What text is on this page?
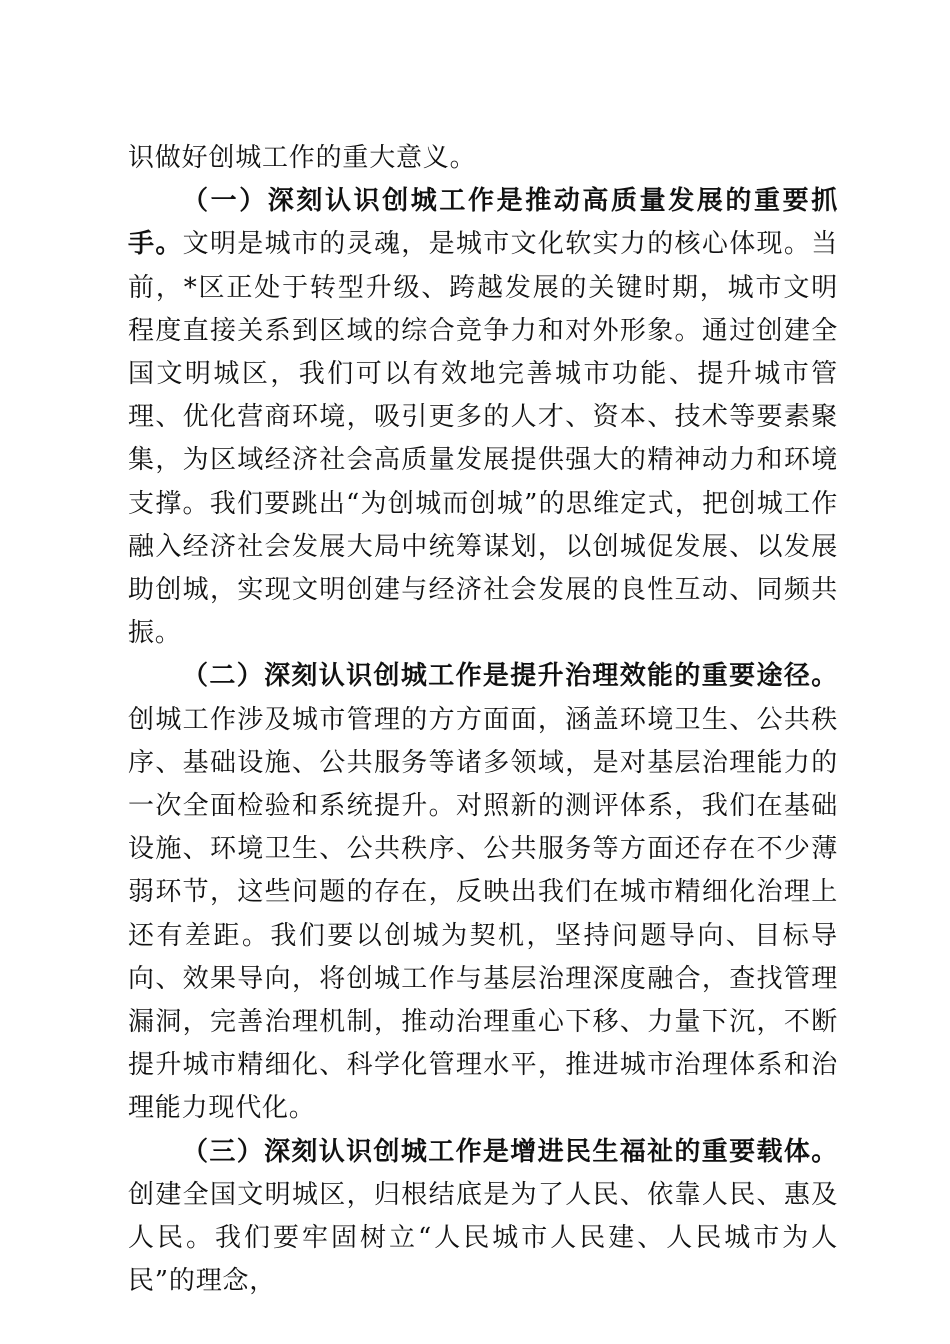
识做好创城工作的重大意义。

（一）深刻认识创城工作是推动高质量发展的重要抓手。文明是城市的灵魂，是城市文化软实力的核心体现。当前，*区正处于转型升级、跨越发展的关键时期，城市文明程度直接关系到区域的综合竞争力和对外形象。通过创建全国文明城区，我们可以有效地完善城市功能、提升城市管理、优化营商环境，吸引更多的人才、资本、技术等要素聚集，为区域经济社会高质量发展提供强大的精神动力和环境支撑。我们要跳出“为创城而创城”的思维定式，把创城工作融入经济社会发展大局中统筹谋划，以创城促发展、以发展助创城，实现文明创建与经济社会发展的良性互动、同频共振。

（二）深刻认识创城工作是提升治理效能的重要途径。创城工作涉及城市管理的方方面面，涵盖环境卫生、公共秩序、基础设施、公共服务等诸多领域，是对基层治理能力的一次全面检验和系统提升。对照新的测评体系，我们在基础设施、环境卫生、公共秩序、公共服务等方面还存在不少薄弱环节，这些问题的存在，反映出我们在城市精细化治理上还有差距。我们要以创城为契机，坚持问题导向、目标导向、效果导向，将创城工作与基层治理深度融合，查找管理漏洞，完善治理机制，推动治理重心下移、力量下沉，不断提升城市精细化、科学化管理水平，推进城市治理体系和治理能力现代化。

（三）深刻认识创城工作是增进民生福祉的重要载体。创建全国文明城区，归根结底是为了人民、依靠人民、惠及人民。我们要牢固树立“人民城市人民建、人民城市为人民”的理念，
